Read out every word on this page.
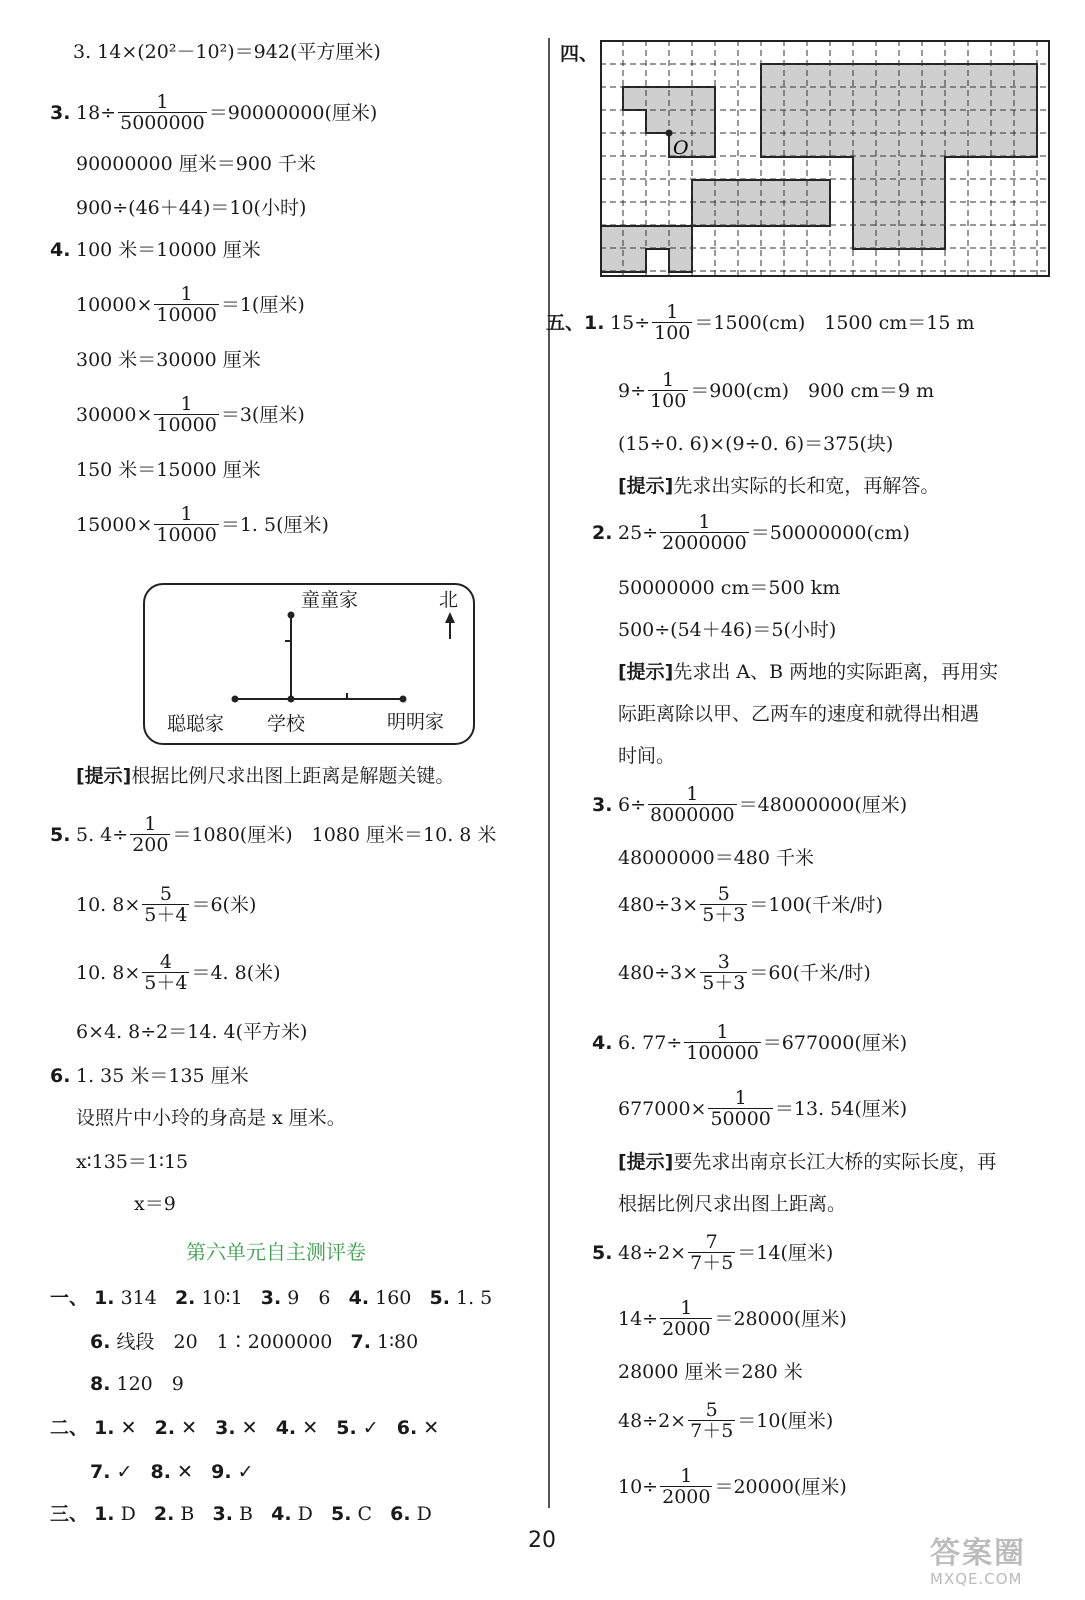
3. 14×(20²－10²)＝942(平方厘米)
3. $18\div \frac{1}{5000000} =90000000$(厘米)
90000000 厘米＝900 千米
900÷(46＋44)＝10(小时)
4. 100 米＝10000 厘米
$10000\times \frac{1}{10000} =1$(厘米)
300 米＝30000 厘米
$30000\times \frac{1}{10000} =3$(厘米)
150 米＝15000 厘米
$15000\times \frac{1}{10000} =1$. 5(厘米)
童童家	北
聪聪家 学校	明明家
[提示]根据比例尺求出图上距离是解题关键。
5. 5. $4\div \frac{1}{200} =1080$(厘米)　1080 厘米＝10. 8 米
10. $8\times \frac{5}{5+4} =6$(米)
10. $8\times \frac{4}{5+4} =4$. 8(米)
6×4. 8÷2＝14. 4(平方米)
6. 1. 35 米＝135 厘米
设照片中小玲的身高是 x 厘米。
x∶135＝1∶15
x＝9
第六单元自主测评卷
一、 1. 314 2. 10∶1 3. 9　6 4. 160 5. 1. 5
6. 线段　20　1∶2000000 7. 1∶80
8. 120　9
二、 1. ✕ 2. ✕ 3. ✕ 4. ✕ 5. ✓ 6. ✕
7. ✓ 8. ✕ 9. ✓
三、 1. D 2. B 3. B 4. D 5. C 6. D
四、
O
五、 1. $15\div \frac{1}{100} =1500(cm)$　1500 cm＝15 m
$9\div \frac{1}{100} =900(cm)$　900 cm＝9 m
(15÷0. 6)×(9÷0. 6)＝375(块)
[提示]先求出实际的长和宽，再解答。
2. $25\div \frac{1}{2000000} =50000000(cm)$
50000000 cm＝500 km
500÷(54＋46)＝5(小时)
[提示]先求出 A、B 两地的实际距离，再用实
际距离除以甲、乙两车的速度和就得出相遇
时间。
3. $6\div \frac{1}{8000000} =48000000$(厘米)
48000000＝480 千米
$480\div 3\times \frac{5}{5+3} =100$(千米/时)
$480\div 3\times \frac{3}{5+3} =60$(千米/时)
4. 6. $77\div \frac{1}{100000} =677000$(厘米)
$677000\times \frac{1}{50000} =13$. 54(厘米)
[提示]要先求出南京长江大桥的实际长度，再
根据比例尺求出图上距离。
5. $48\div 2\times \frac{7}{7+5} =14$(厘米)
$14\div \frac{1}{2000} =28000$(厘米)
28000 厘米＝280 米
$48\div 2\times \frac{5}{7+5} =10$(厘米)
$10\div \frac{1}{2000} =20000$(厘米)
20	答案圈
MXQE.COM
